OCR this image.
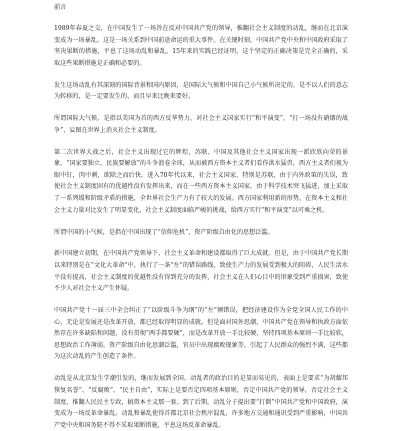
前言

1989年春夏之交，在中国发生了一场旨在反对中国共产党的领导，推翻社会主义制度的动乱，继而在北京演变成为一场暴乱。这是一场关系到中国前途命运的重大事件。在关键时刻，中国共产党中央和中国政府采取了坚决果断的措施，平息了这场动乱和暴乱，15年来的实践已经证明，这个坚定的正确决策是完全正确的，采取这些果断措施是正确和必要的。

发生这场动乱有其深刻的国际背景和国内原因，是国际大气候和中国自己小气候所决定的，是不以人们的意志为转移的，是一定要发生的，而且早来比晚来要好。

所谓国际大气候，是指以美国为首的西方反华势力，对社会主义国家实行“和平演变”，“打一场没有硝烟的战争”，妄图在世界上消灭社会主义制度。

第二次世界大战之后，社会主义出现过它的辉煌，苏联、中国及其他社会主义国家出现一派欣欣向荣的景象，“国家要独立，民族要解放”的斗争浪卷全球，从而被西方资本主义者们看作洪水猛兽，西方主义者们视为眼中钉，肉中刺，欲除之而后快。进入70年代以来，社会主义国家，特别是苏联，由于内外政策的失误，致使社会主义制度固有的优越性没有发挥出来，而在一些西方资本主义国家，由于科学技术突飞猛进，加上采取了一系列缓和阶级矛盾的措施，全世界社会生产力有了较大的发展。西方国家利用新的形势，在资本主义和社会主义力量对比发生了明显变化，社会主义制度面临严峻的挑战，给西方实行“和平演变”以可乘之机。

所谓中国的小气候，是指在中国出现了“信仰危机”，资产阶级自由化的思想泛滥。

新中国建立初期，在中国共产党领导下，社会主义革命和建设都取得了巨大成就。但是，由于中国共产党长期以来特别是在“文化大革命”中，执行了一条“左”的错误路线，致使生产力的发展受到极大的阻碍，人民生活水平没有提高，社会主义制度的优越性没有得到充分的发挥，社会主义在人们心目中的形象受到严重损害，致使不少人对社会主义产生怀疑。

中国共产党十一届三中全会纠正了“以阶级斗争为纲”的“左”倾错误，把经济建设作为全党全国人民工作的中心，无论是发展还是改革开放，都已经取得明显的成就。但是面对国外思潮，中国共产党在领导和执政方面依然存在许多缺陷和问题，没有贯彻“两手都要硬”，而是改革开放一手比较硬，坚持四项基本原则一手比较软，思想政治工作薄弱，资产阶级自由化思潮泛滥，官员中出现腐败现象等，引起了人民群众的强烈不满，这些都为这次动乱的产生创造了条件。

动乱是从北京发生学潮引发的，继而发展到全国。动乱者的政治目的是显而易见的，表面上是要求“为胡耀邦恢复名誉”、“反腐败”、“民主自由”，实际上是要否定四项基本原则，否定中国共产党的领导，否定社会主义制度，推翻人民民主专政，搞资本主义那一套。到了后期，动乱分子提出要“打倒”中国共产党和中国政府，演变成为一场反革命暴乱。动乱和暴乱使得首都北京社会秩序混乱，许多地方交通和通讯受到严重影响，中国共产党中央和国务院不得不采取果断措施，平息这场反革命暴乱。
